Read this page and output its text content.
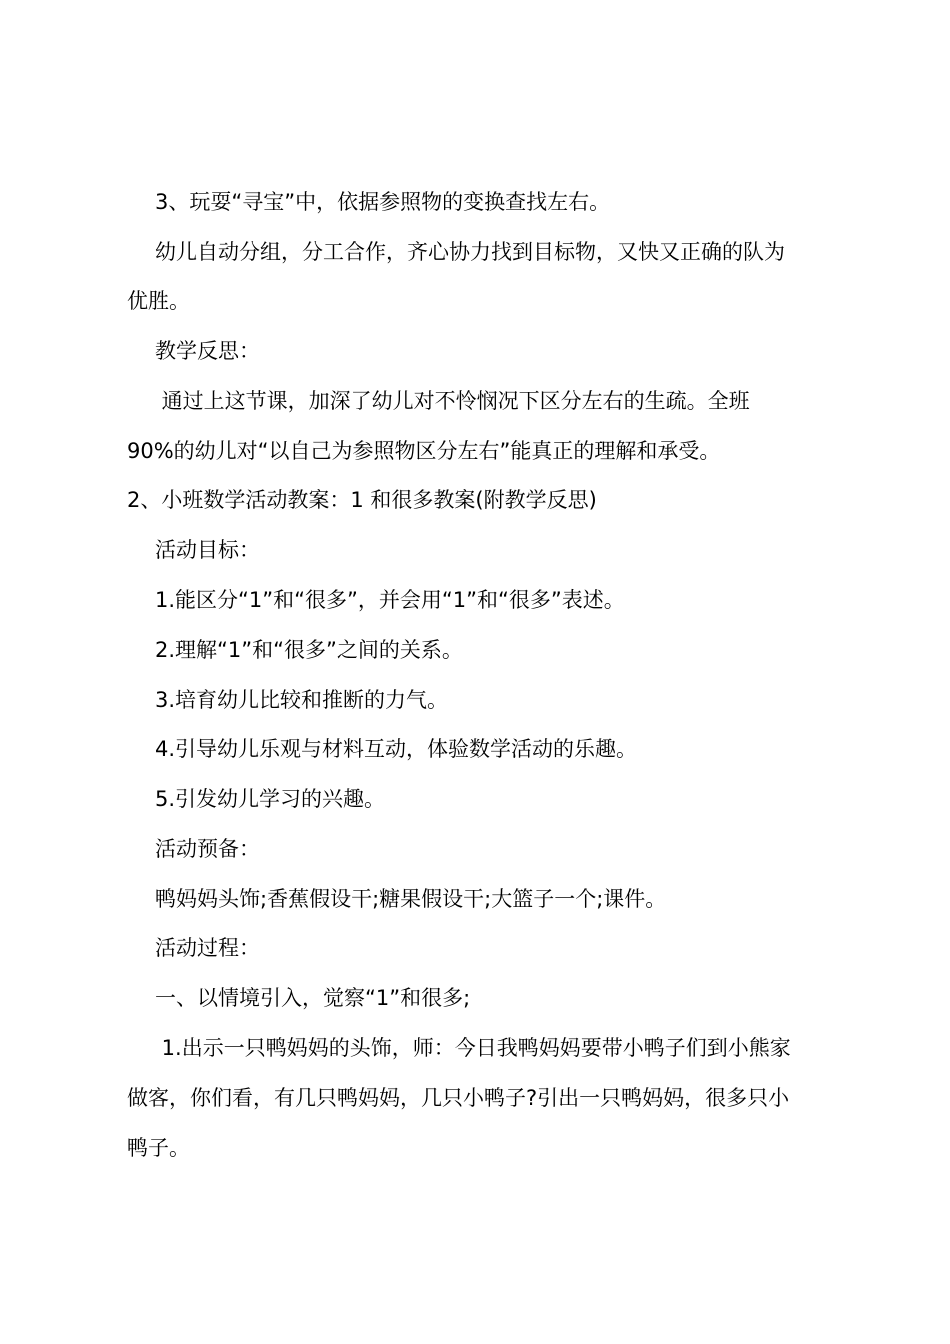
3、玩耍“寻宝”中，依据参照物的变换查找左右。
幼儿自动分组，分工合作，齐心协力找到目标物，又快又正确的队为
优胜。
教学反思：
通过上这节课，加深了幼儿对不怜悯况下区分左右的生疏。全班
90%的幼儿对“以自己为参照物区分左右”能真正的理解和承受。
2、小班数学活动教案：1 和很多教案(附教学反思)
活动目标：
1.能区分“1”和“很多”，并会用“1”和“很多”表述。
2.理解“1”和“很多”之间的关系。
3.培育幼儿比较和推断的力气。
4.引导幼儿乐观与材料互动，体验数学活动的乐趣。
5.引发幼儿学习的兴趣。
活动预备：
鸭妈妈头饰;香蕉假设干;糖果假设干;大篮子一个;课件。
活动过程：
一、以情境引入，觉察“1”和很多;
1.出示一只鸭妈妈的头饰，师：今日我鸭妈妈要带小鸭子们到小熊家
做客，你们看，有几只鸭妈妈，几只小鸭子?引出一只鸭妈妈，很多只小
鸭子。
